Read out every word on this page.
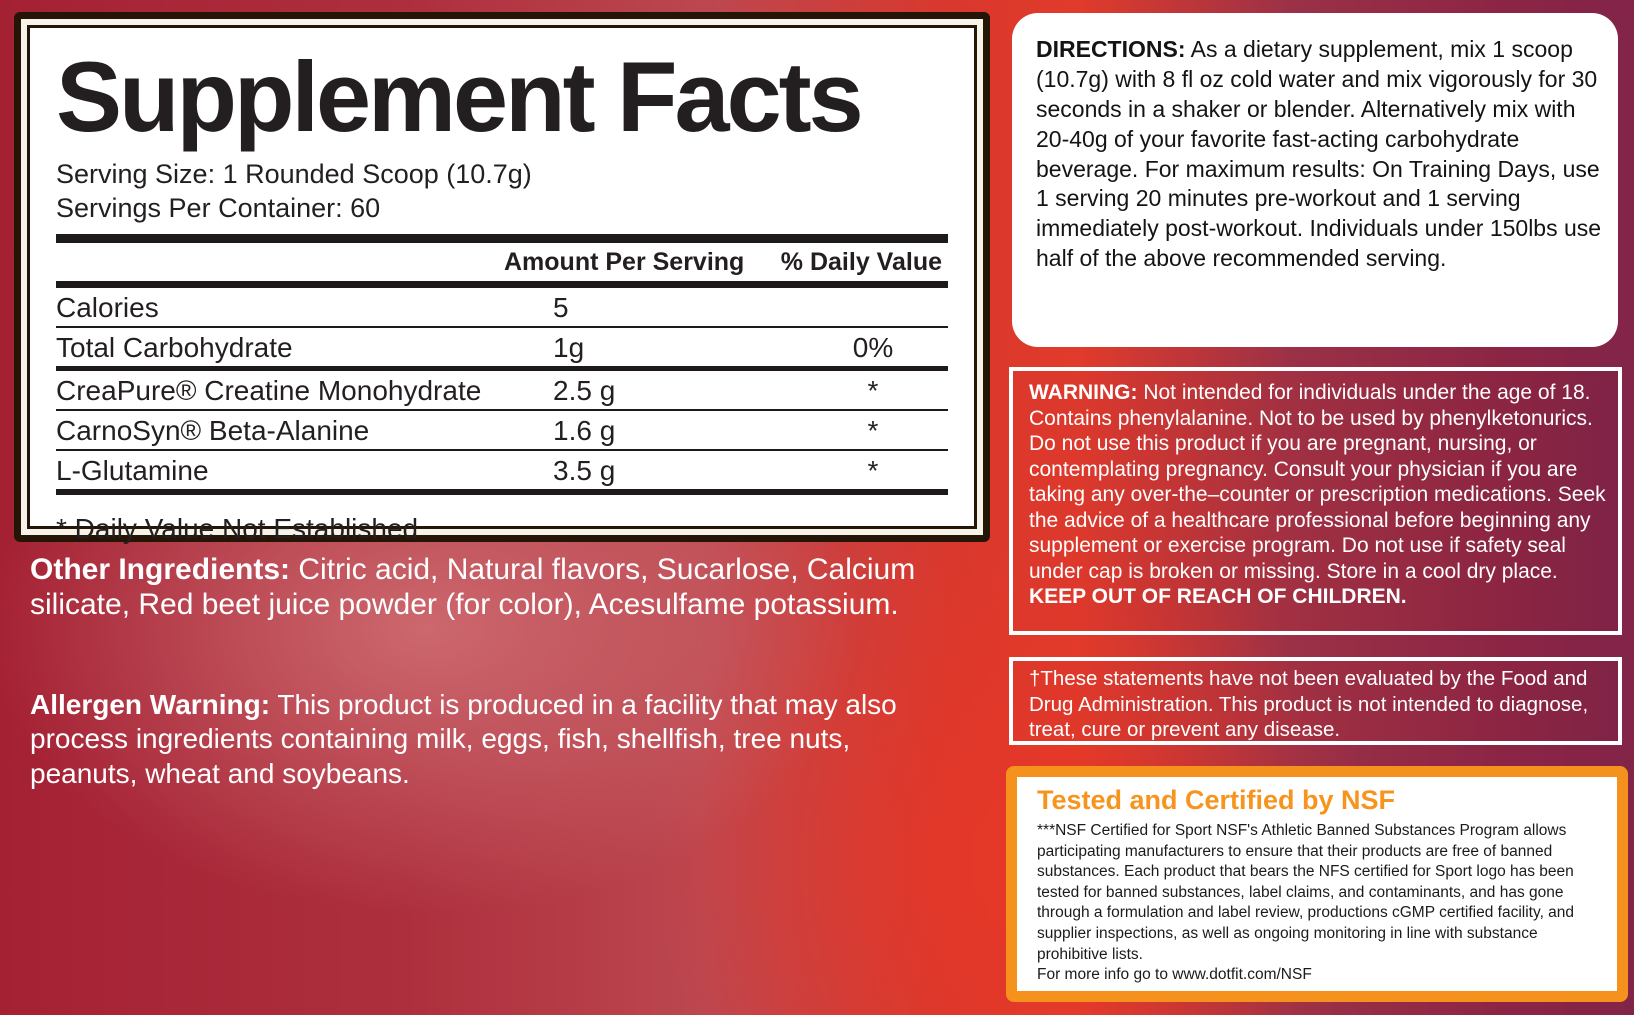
Supplement Facts
Serving Size: 1 Rounded Scoop (10.7g)
Servings Per Container: 60
Amount Per Serving % Daily Value
Calories	5
Total Carbohydrate	1g	0%
CreaPure® Creatine Monohydrate	2.5 g	*
CarnoSyn® Beta-Alanine	1.6 g	*
L-Glutamine	3.5 g	*
* Daily Value Not Established

Other Ingredients: Citric acid, Natural flavors, Sucarlose, Calcium silicate, Red beet juice powder (for color), Acesulfame potassium.

Allergen Warning: This product is produced in a facility that may also process ingredients containing milk, eggs, fish, shellfish, tree nuts, peanuts, wheat and soybeans.

DIRECTIONS: As a dietary supplement, mix 1 scoop (10.7g) with 8 fl oz cold water and mix vigorously for 30 seconds in a shaker or blender. Alternatively mix with 20-40g of your favorite fast-acting carbohydrate beverage. For maximum results: On Training Days, use 1 serving 20 minutes pre-workout and 1 serving immediately post-workout. Individuals under 150lbs use half of the above recommended serving.

WARNING: Not intended for individuals under the age of 18. Contains phenylalanine. Not to be used by phenylketonurics. Do not use this product if you are pregnant, nursing, or contemplating pregnancy. Consult your physician if you are taking any over-the–counter or prescription medications. Seek the advice of a healthcare professional before beginning any supplement or exercise program. Do not use if safety seal under cap is broken or missing. Store in a cool dry place. KEEP OUT OF REACH OF CHILDREN.

†These statements have not been evaluated by the Food and Drug Administration. This product is not intended to diagnose, treat, cure or prevent any disease.

Tested and Certified by NSF

***NSF Certified for Sport NSF's Athletic Banned Substances Program allows participating manufacturers to ensure that their products are free of banned substances. Each product that bears the NFS certified for Sport logo has been tested for banned substances, label claims, and contaminants, and has gone through a formulation and label review, productions cGMP certified facility, and supplier inspections, as well as ongoing monitoring in line with substance prohibitive lists.

For more info go to www.dotfit.com/NSF
